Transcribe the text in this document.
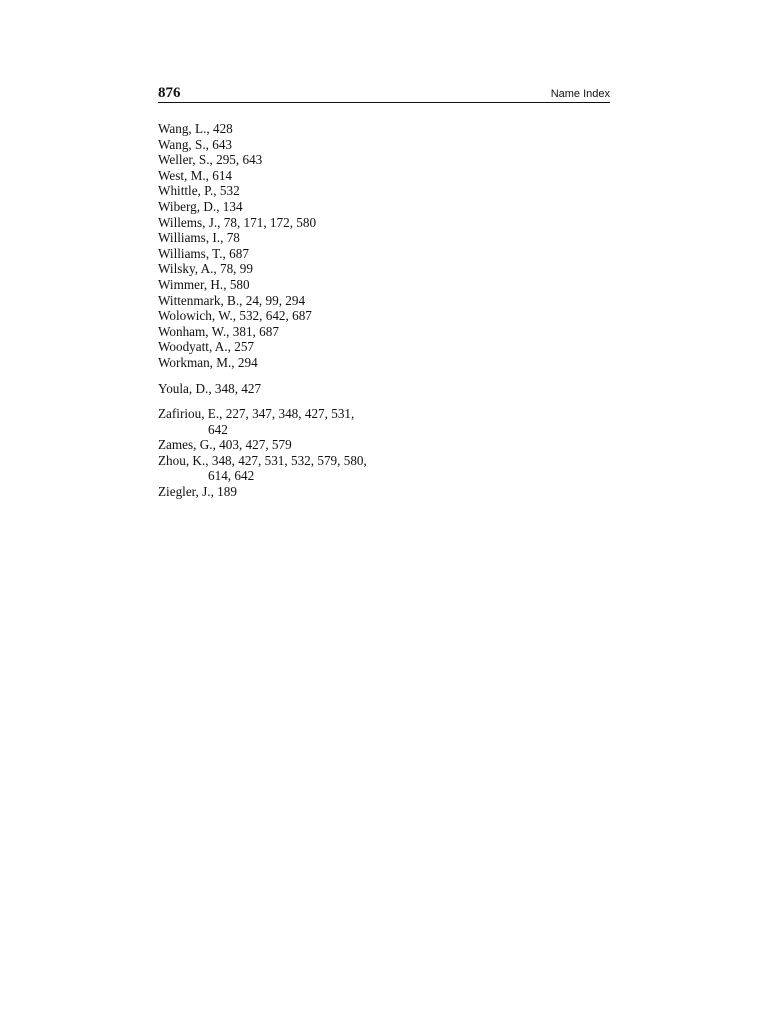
876	Name Index
Wang, L., 428
Wang, S., 643
Weller, S., 295, 643
West, M., 614
Whittle, P., 532
Wiberg, D., 134
Willems, J., 78, 171, 172, 580
Williams, I., 78
Williams, T., 687
Wilsky, A., 78, 99
Wimmer, H., 580
Wittenmark, B., 24, 99, 294
Wolowich, W., 532, 642, 687
Wonham, W., 381, 687
Woodyatt, A., 257
Workman, M., 294
Youla, D., 348, 427
Zafiriou, E., 227, 347, 348, 427, 531,
642
Zames, G., 403, 427, 579
Zhou, K., 348, 427, 531, 532, 579, 580,
614, 642
Ziegler, J., 189
